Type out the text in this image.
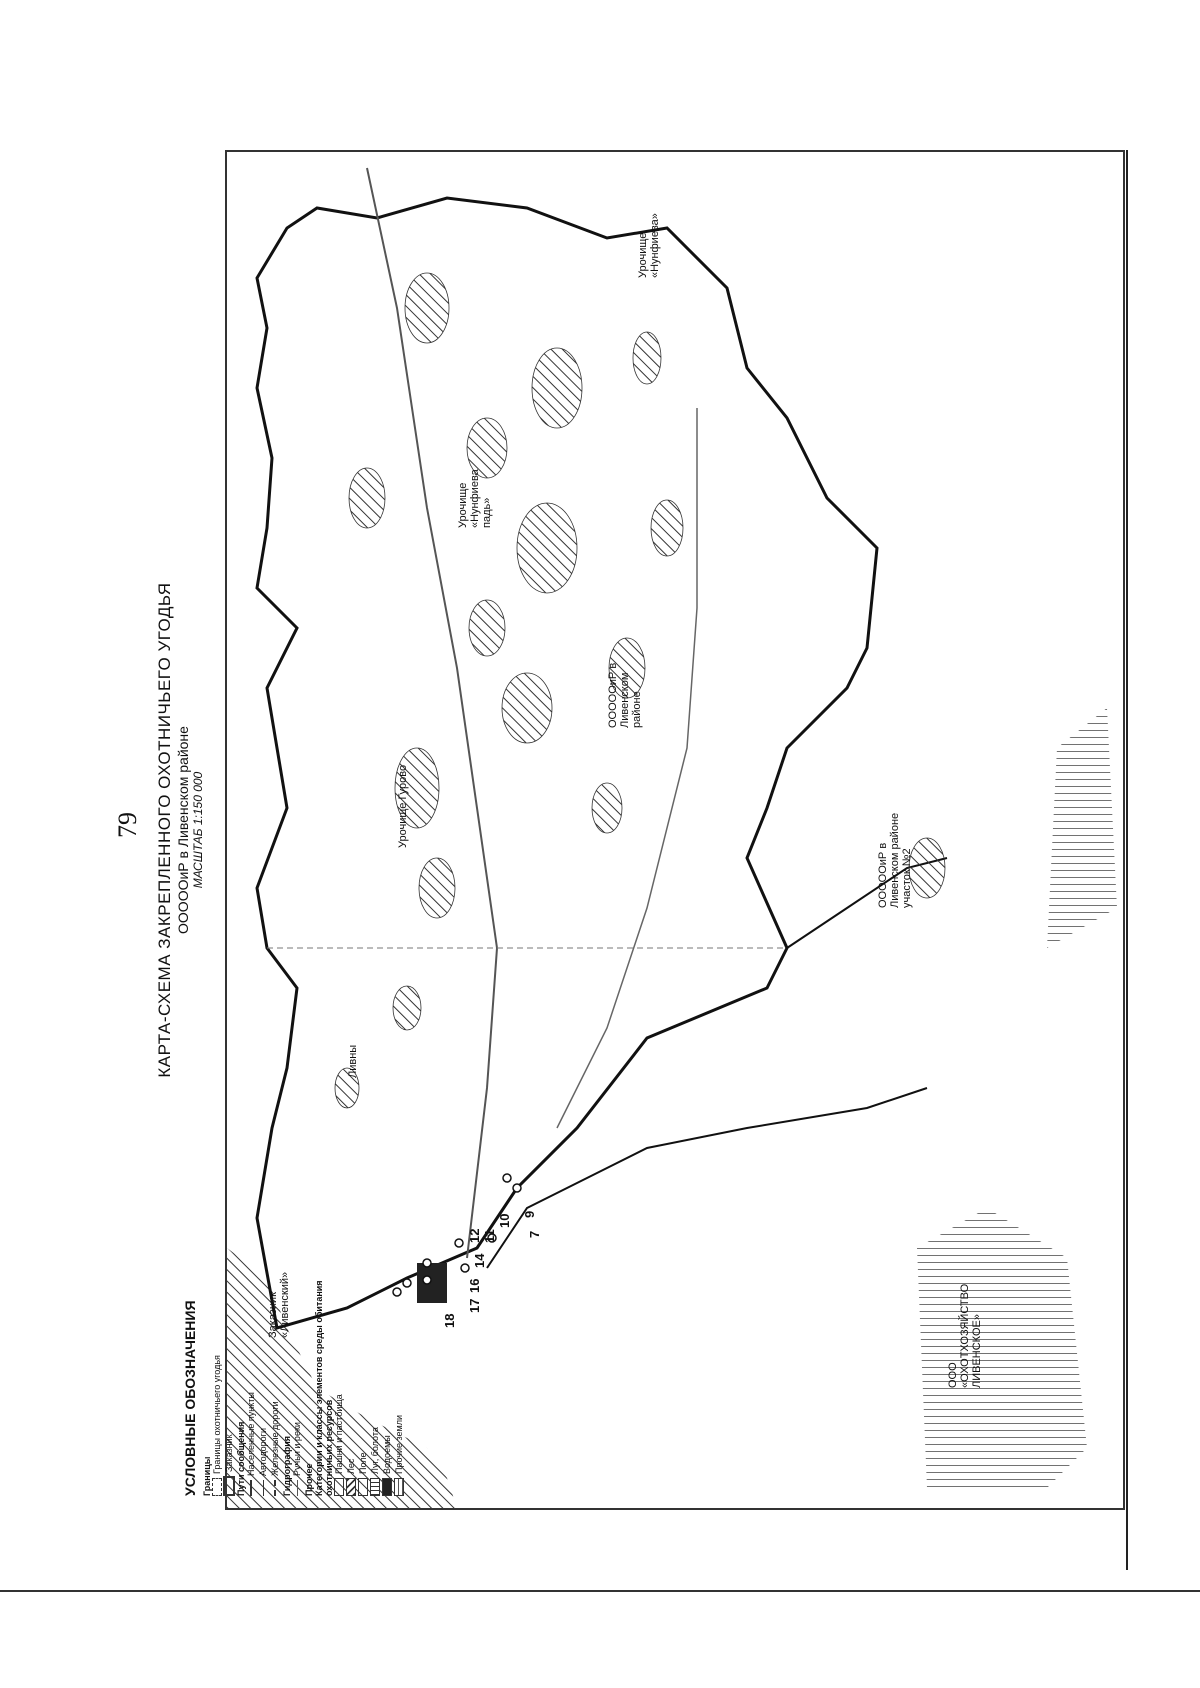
79 КАРТА-СХЕМА ЗАКРЕПЛЕННОГО ОХОТНИЧЬЕГО УГОДЬЯ ОООООиР в Ливенском районе МАСШТАБ 1:150 000
Ливны
Урочище «Нунфиева»
Урочище «Нунфиева падь»
ОООООиР в Ливенском районе
Урочище Гурово
ООО «ОХОТХОЗЯЙСТВО ЛИВЕНСКОЕ»
Заказник «Ливенский»
ОООООиР в Ливенском районе участок №2
7
9
10
11
12
14
16
17
18
УСЛОВНЫЕ ОБОЗНАЧЕНИЯ Границы
Границы охотничьего угодья Заказник Пути сообщения Населенные пункты Автодороги Железные дороги Гидрография Ручьи и реки
Прочее Категории и классы элементов среды обитания охотничьих ресурсов Пашни и пастбища Лес Поле Луг, болота Водоемы Прочие земли
